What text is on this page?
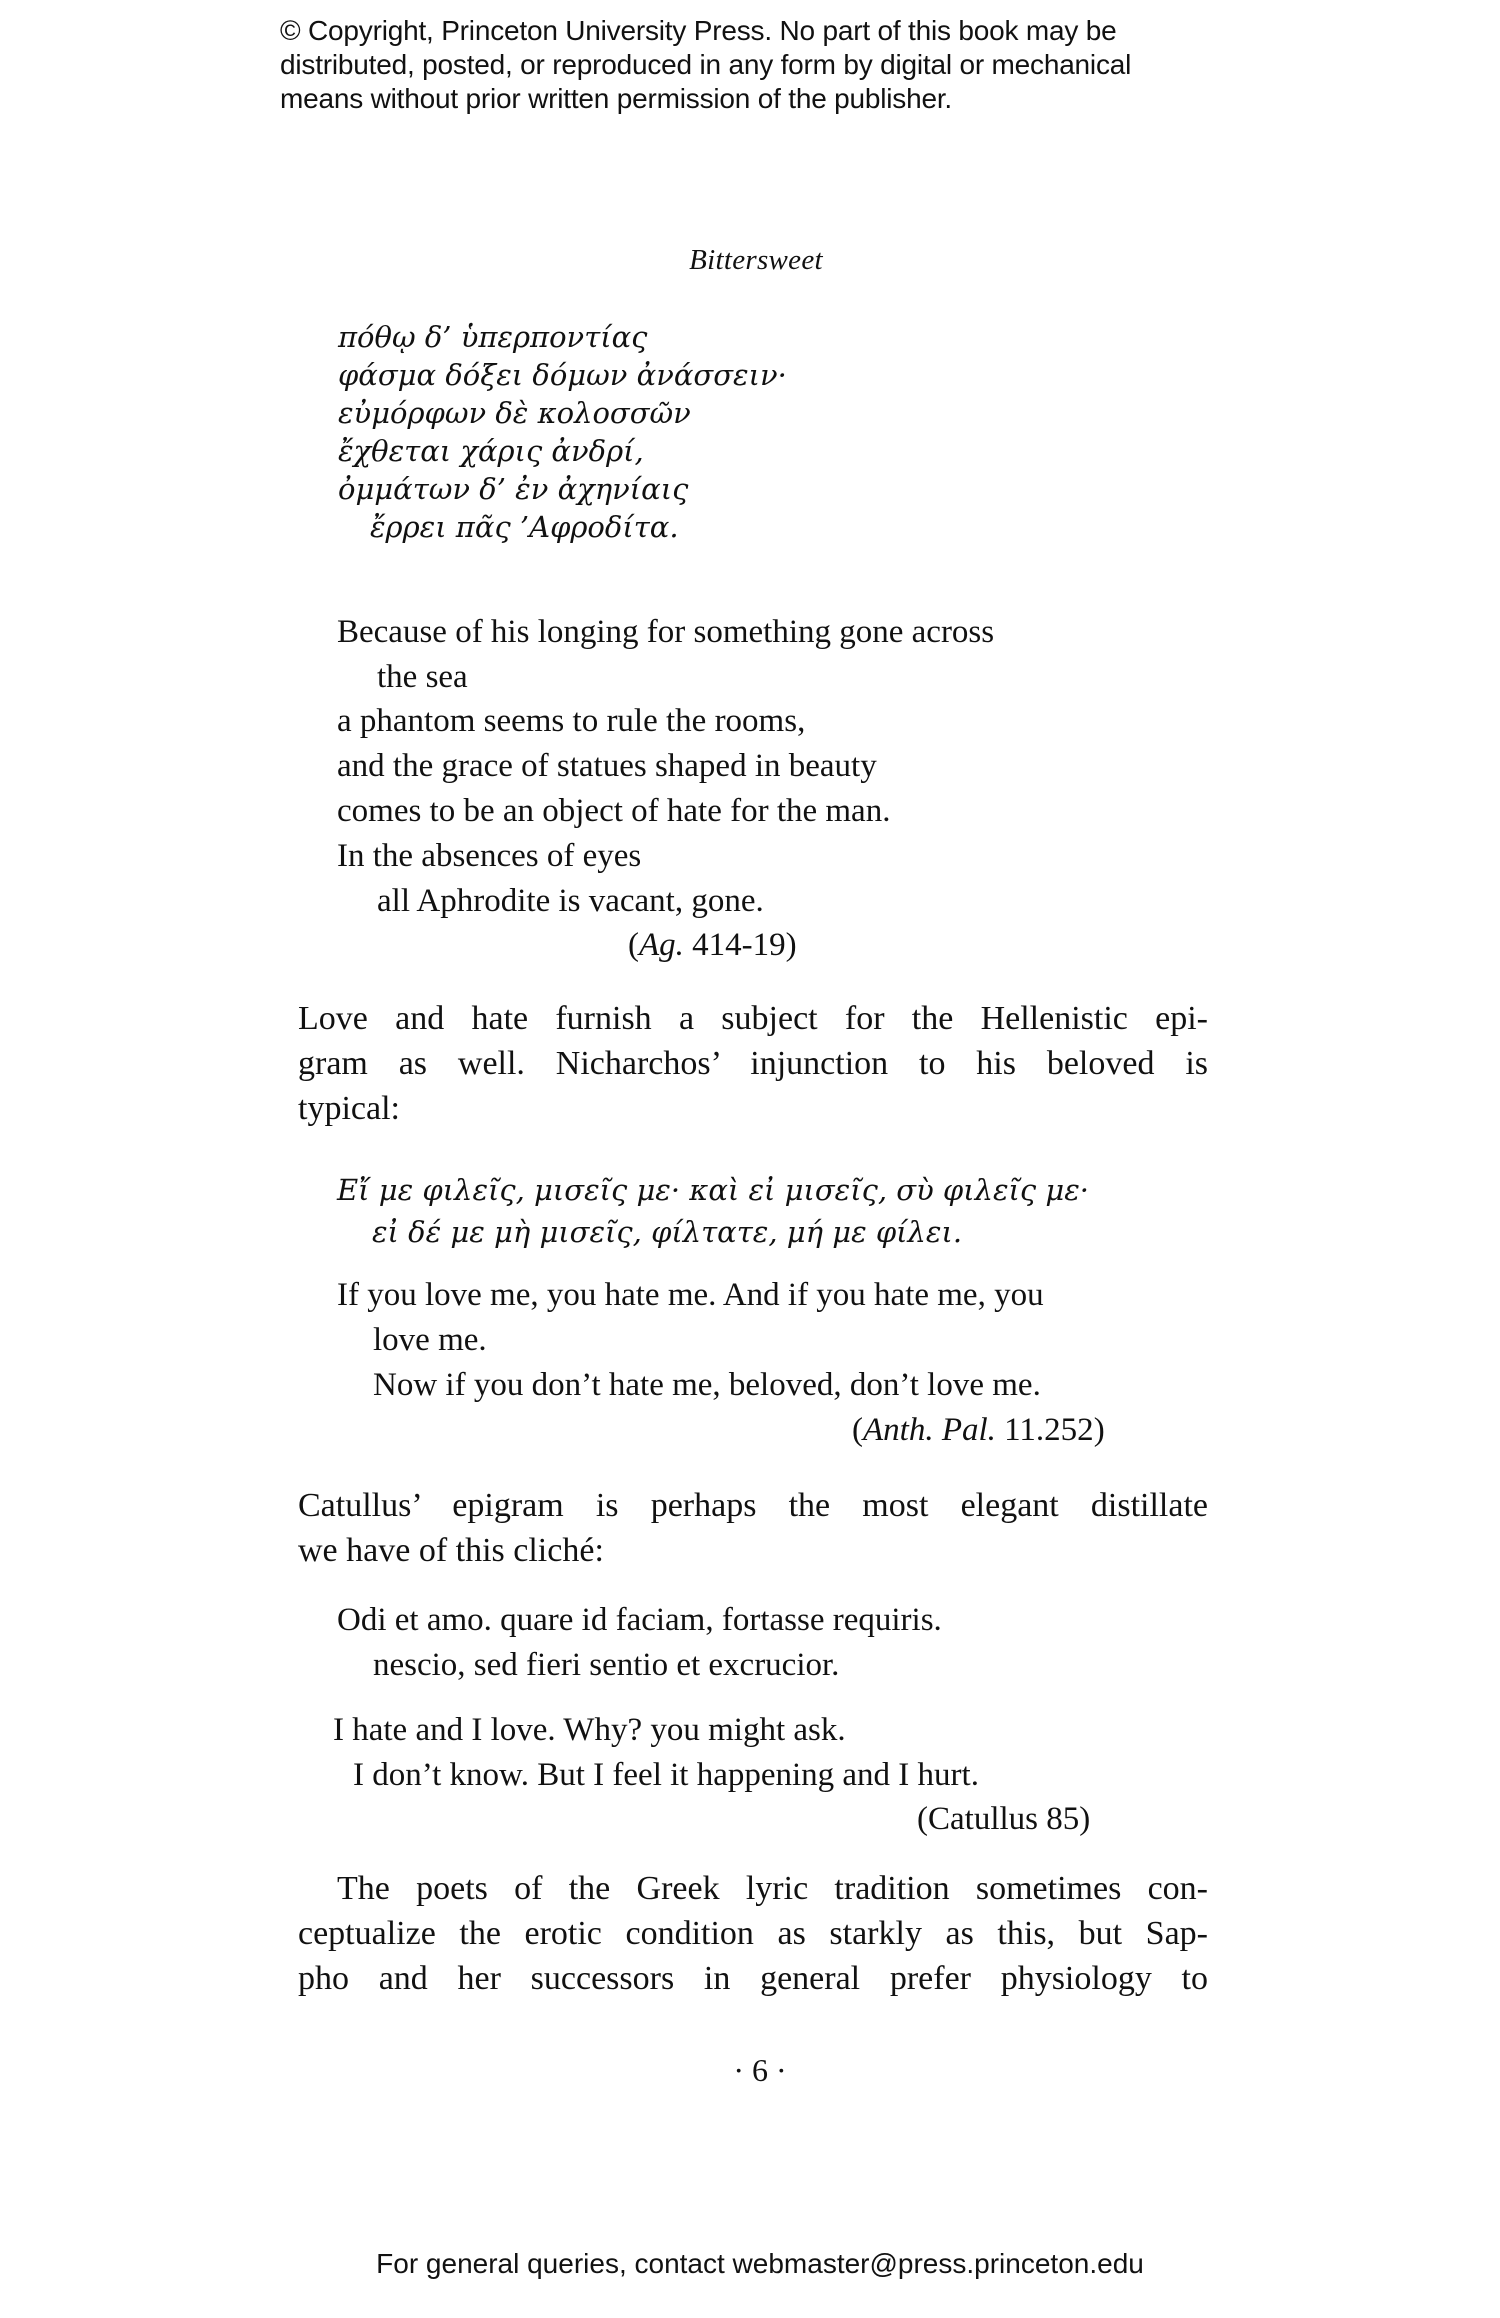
© Copyright, Princeton University Press. No part of this book may be
distributed, posted, or reproduced in any form by digital or mechanical
means without prior written permission of the publisher.
Bittersweet
πόθῳ δ’ ὑπερποντίας
φάσμα δόξει δόμων ἀνάσσειν·
εὐμόρφων δὲ κολοσσῶν
ἔχθεται χάρις ἀνδρί,
ὀμμάτων δ’ ἐν ἀχηνίαις
ἔρρει πᾶς ’Αφροδίτα.
Because of his longing for something gone across
the sea
a phantom seems to rule the rooms,
and the grace of statues shaped in beauty
comes to be an object of hate for the man.
In the absences of eyes
all Aphrodite is vacant, gone.
(Ag. 414-19)
Love and hate furnish a subject for the Hellenistic epi-
gram as well. Nicharchos’ injunction to his beloved is
typical:
Εἴ με φιλεῖς, μισεῖς με· καὶ εἰ μισεῖς, σὺ φιλεῖς με·
εἰ δέ με μὴ μισεῖς, φίλτατε, μή με φίλει.
If you love me, you hate me. And if you hate me, you
love me.
Now if you don’t hate me, beloved, don’t love me.
(Anth. Pal. 11.252)
Catullus’ epigram is perhaps the most elegant distillate
we have of this cliché:
Odi et amo. quare id faciam, fortasse requiris.
nescio, sed fieri sentio et excrucior.
I hate and I love. Why? you might ask.
I don’t know. But I feel it happening and I hurt.
(Catullus 85)
The poets of the Greek lyric tradition sometimes con-
ceptualize the erotic condition as starkly as this, but Sap-
pho and her successors in general prefer physiology to
· 6 ·
For general queries, contact webmaster@press.princeton.edu
